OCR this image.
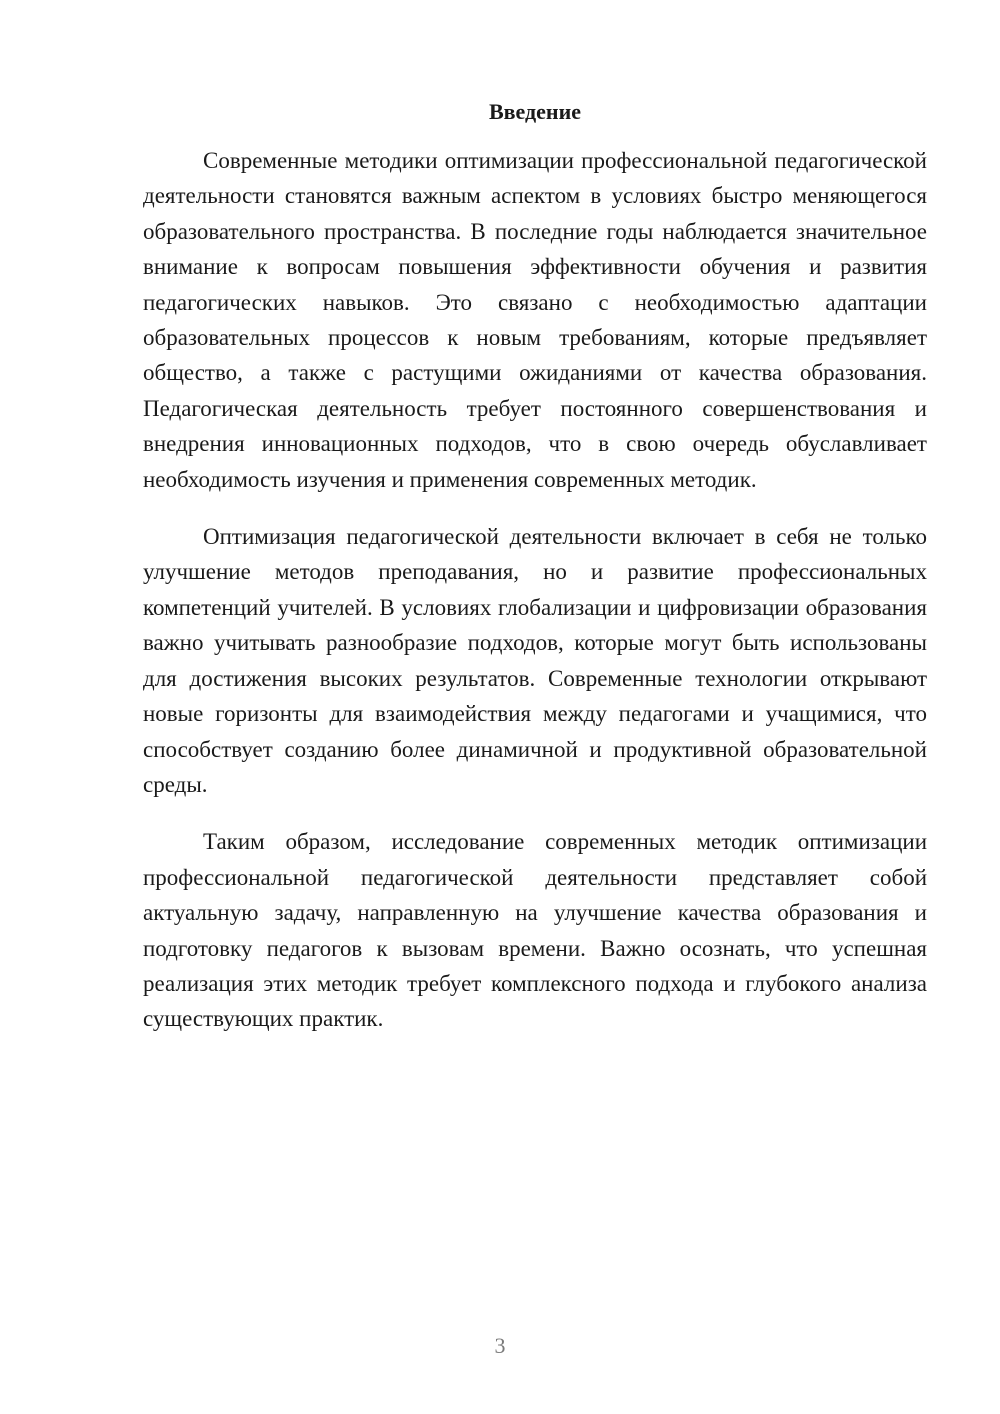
Введение

Современные методики оптимизации профессиональной педагогической деятельности становятся важным аспектом в условиях быстро меняющегося образовательного пространства. В последние годы наблюдается значительное внимание к вопросам повышения эффективности обучения и развития педагогических навыков. Это связано с необходимостью адаптации образовательных процессов к новым требованиям, которые предъявляет общество, а также с растущими ожиданиями от качества образования. Педагогическая деятельность требует постоянного совершенствования и внедрения инновационных подходов, что в свою очередь обуславливает необходимость изучения и применения современных методик.

Оптимизация педагогической деятельности включает в себя не только улучшение методов преподавания, но и развитие профессиональных компетенций учителей. В условиях глобализации и цифровизации образования важно учитывать разнообразие подходов, которые могут быть использованы для достижения высоких результатов. Современные технологии открывают новые горизонты для взаимодействия между педагогами и учащимися, что способствует созданию более динамичной и продуктивной образовательной среды.

Таким образом, исследование современных методик оптимизации профессиональной педагогической деятельности представляет собой актуальную задачу, направленную на улучшение качества образования и подготовку педагогов к вызовам времени. Важно осознать, что успешная реализация этих методик требует комплексного подхода и глубокого анализа существующих практик.

3
